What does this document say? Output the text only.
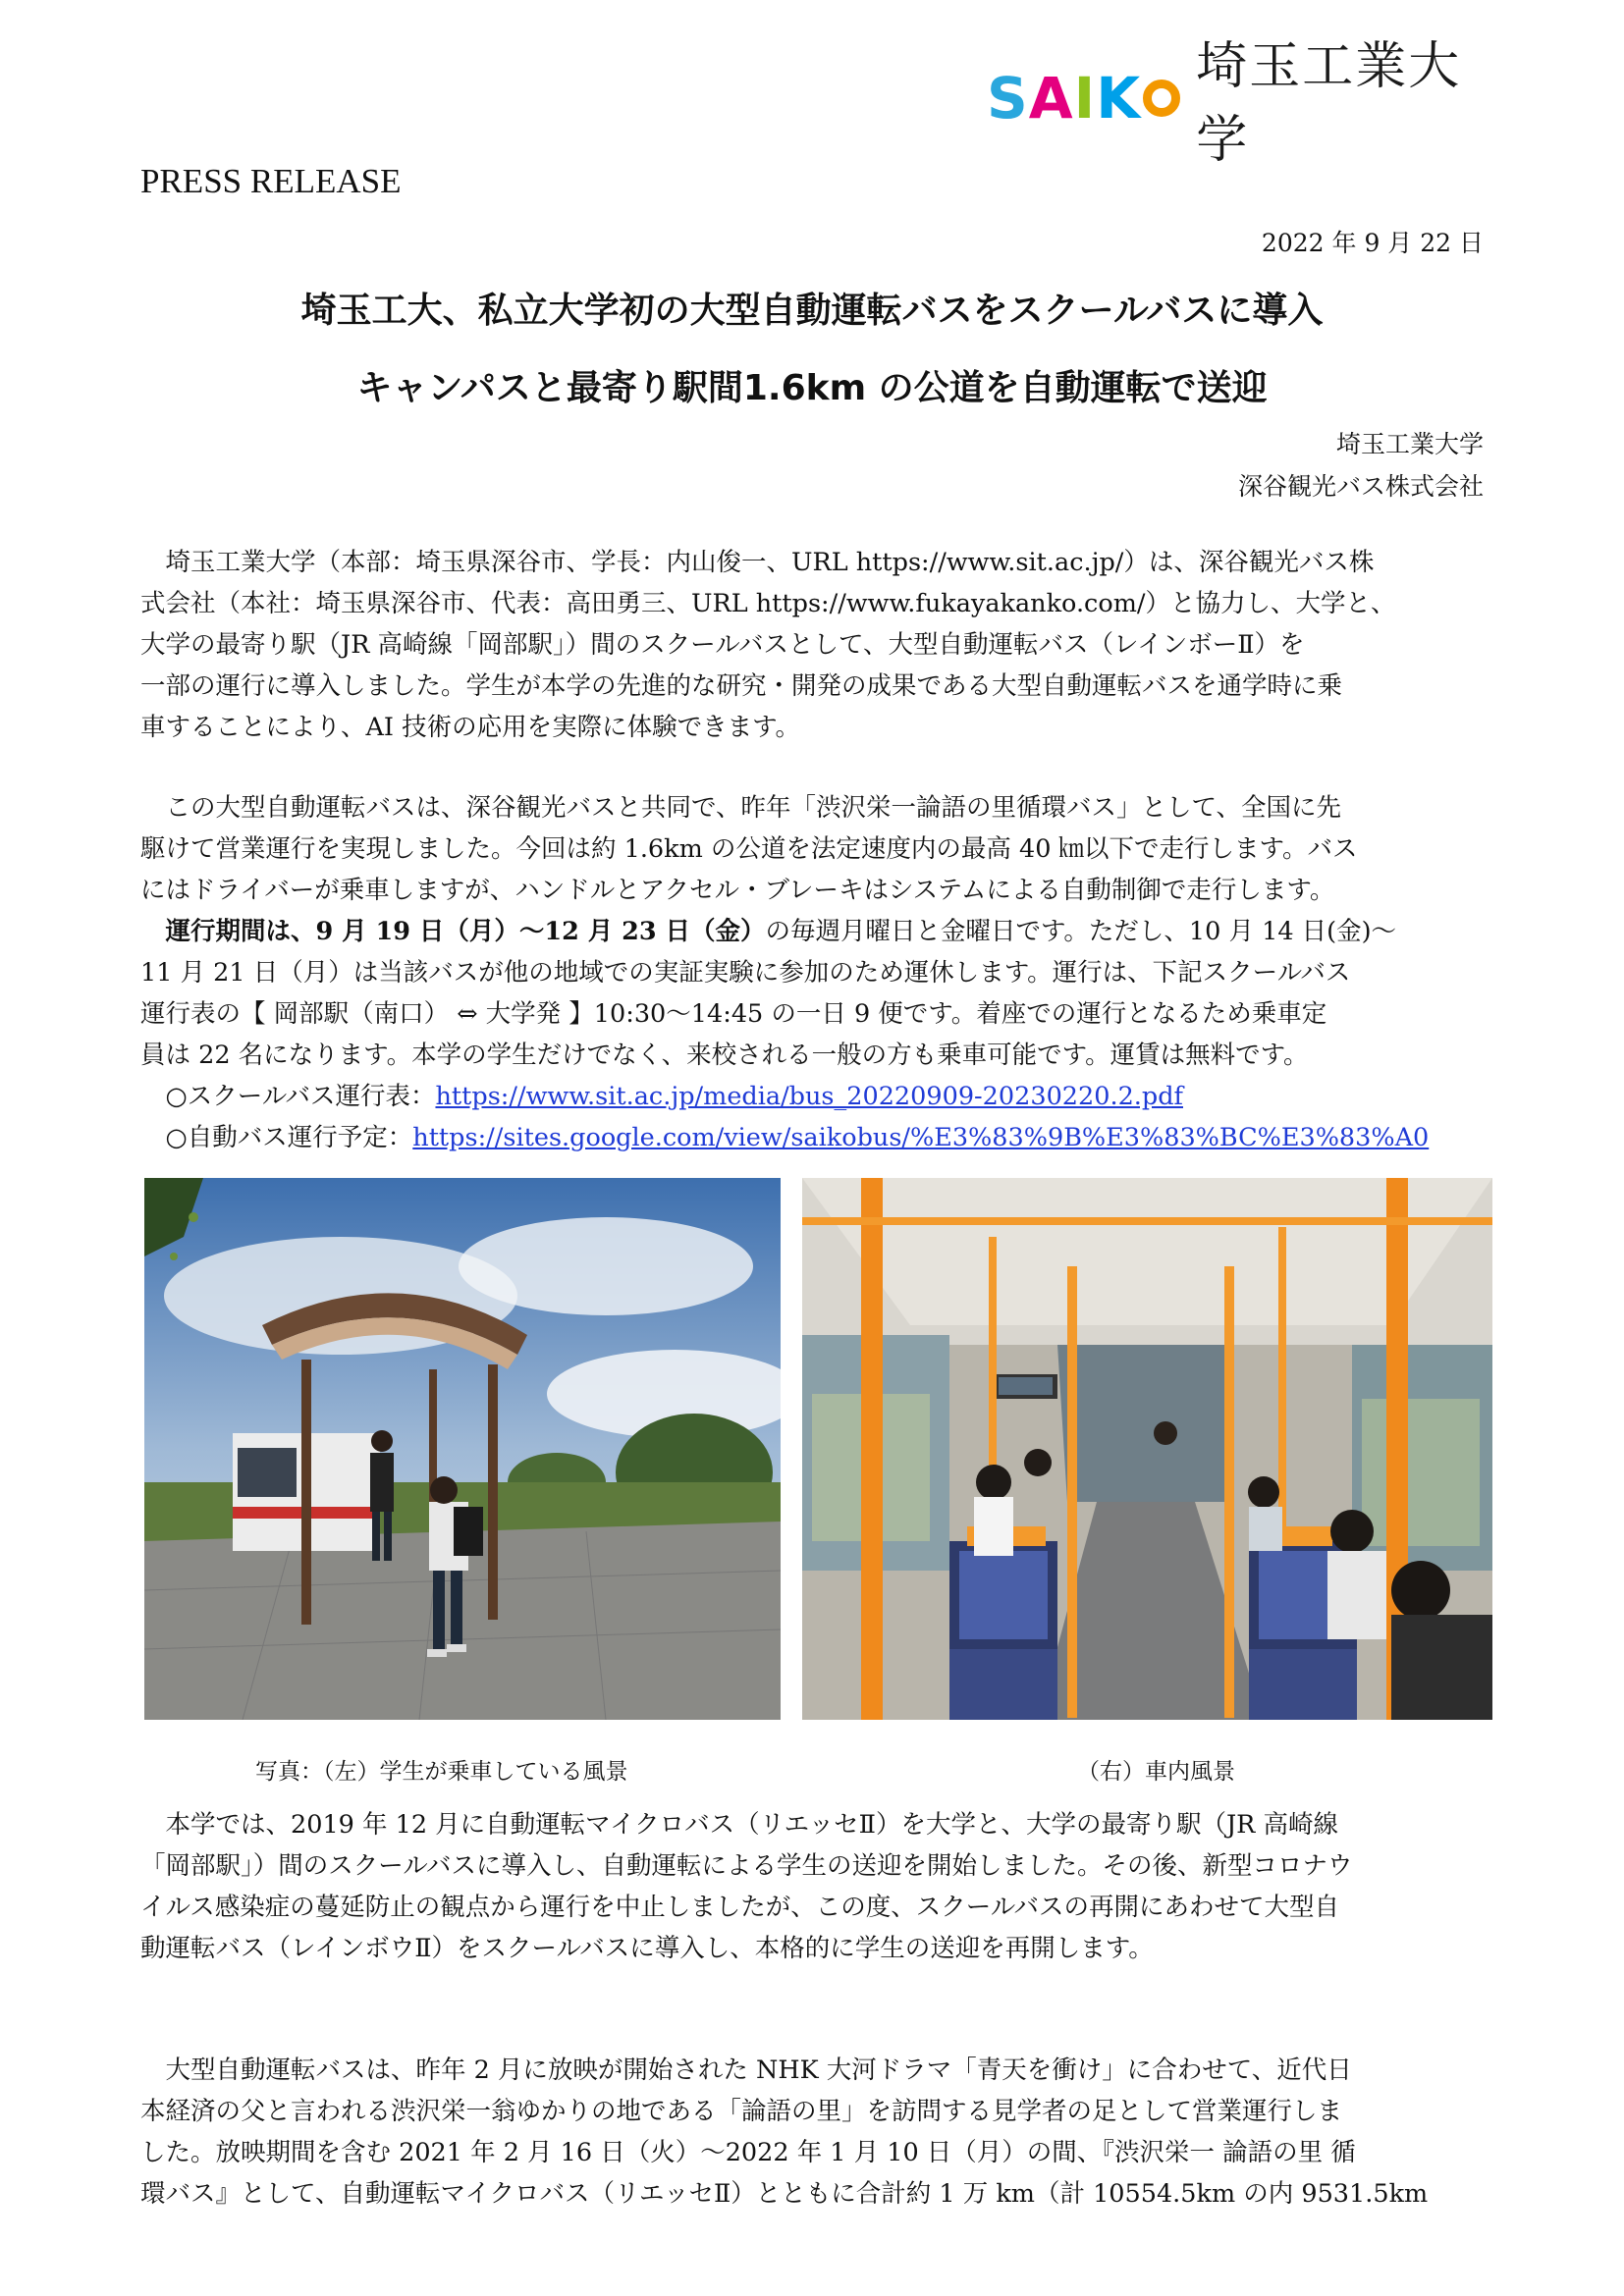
S A I K 埼玉工業大学
PRESS RELEASE
2022 年 9 月 22 日
埼玉工大、私立大学初の大型自動運転バスをスクールバスに導入
キャンパスと最寄り駅間1.6km の公道を自動運転で送迎
埼玉工業大学
深谷観光バス株式会社
　埼玉工業大学（本部：埼玉県深谷市、学長：内山俊一、URL https://www.sit.ac.jp/）は、深谷観光バス株
式会社（本社：埼玉県深谷市、代表：高田勇三、URL https://www.fukayakanko.com/）と協力し、大学と、
大学の最寄り駅（JR 高崎線「岡部駅」）間のスクールバスとして、大型自動運転バス（レインボーⅡ）を
一部の運行に導入しました。学生が本学の先進的な研究・開発の成果である大型自動運転バスを通学時に乗
車することにより、AI 技術の応用を実際に体験できます。
　この大型自動運転バスは、深谷観光バスと共同で、昨年「渋沢栄一論語の里循環バス」として、全国に先
駆けて営業運行を実現しました。今回は約 1.6km の公道を法定速度内の最高 40 ㎞以下で走行します。バス
にはドライバーが乗車しますが、ハンドルとアクセル・ブレーキはシステムによる自動制御で走行します。
　運行期間は、9 月 19 日（月）～12 月 23 日（金）の毎週月曜日と金曜日です。ただし、10 月 14 日(金)～
11 月 21 日（月）は当該バスが他の地域での実証実験に参加のため運休します。運行は、下記スクールバス
運行表の【 岡部駅（南口） ⇔ 大学発 】10:30～14:45 の一日 9 便です。着座での運行となるため乗車定
員は 22 名になります。本学の学生だけでなく、来校される一般の方も乗車可能です。運賃は無料です。
　○スクールバス運行表：https://www.sit.ac.jp/media/bus_20220909-20230220.2.pdf
　○自動バス運行予定：https://sites.google.com/view/saikobus/%E3%83%9B%E3%83%BC%E3%83%A0
写真：（左）学生が乗車している風景	（右）車内風景
　本学では、2019 年 12 月に自動運転マイクロバス（リエッセⅡ）を大学と、大学の最寄り駅（JR 高崎線
「岡部駅」）間のスクールバスに導入し、自動運転による学生の送迎を開始しました。その後、新型コロナウ
イルス感染症の蔓延防止の観点から運行を中止しましたが、この度、スクールバスの再開にあわせて大型自
動運転バス（レインボウⅡ）をスクールバスに導入し、本格的に学生の送迎を再開します。
　大型自動運転バスは、昨年 2 月に放映が開始された NHK 大河ドラマ「青天を衝け」に合わせて、近代日
本経済の父と言われる渋沢栄一翁ゆかりの地である「論語の里」を訪問する見学者の足として営業運行しま
した。放映期間を含む 2021 年 2 月 16 日（火）～2022 年 1 月 10 日（月）の間、『渋沢栄一 論語の里 循
環バス』として、自動運転マイクロバス（リエッセⅡ）とともに合計約 1 万 km（計 10554.5km の内 9531.5km
